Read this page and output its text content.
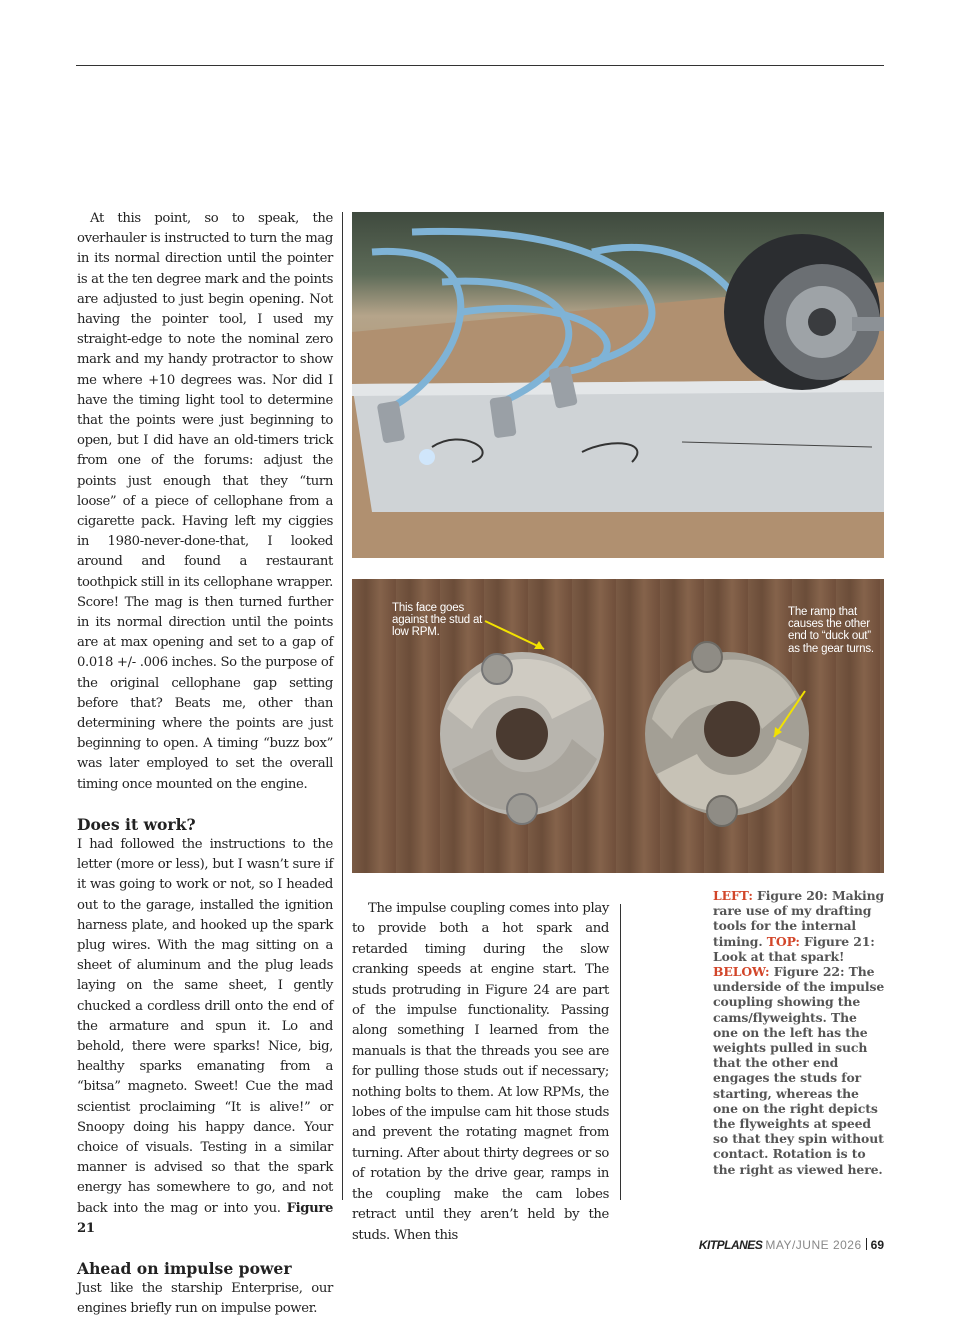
At this point, so to speak, the overhauler is instructed to turn the mag in its normal direction until the pointer is at the ten degree mark and the points are adjusted to just begin opening. Not having the pointer tool, I used my straight-edge to note the nominal zero mark and my handy protractor to show me where +10 degrees was. Nor did I have the timing light tool to determine that the points were just beginning to open, but I did have an old-timers trick from one of the forums: adjust the points just enough that they “turn loose” of a piece of cellophane from a cigarette pack. Having left my ciggies in 1980-never-done-that, I looked around and found a restaurant toothpick still in its cellophane wrapper. Score! The mag is then turned further in its normal direction until the points are at max opening and set to a gap of 0.018 +/- .006 inches. So the purpose of the original cellophane gap setting before that? Beats me, other than determining where the points are just beginning to open. A timing “buzz box” was later employed to set the overall timing once mounted on the engine.

Does it work?

I had followed the instructions to the letter (more or less), but I wasn’t sure if it was going to work or not, so I headed out to the garage, installed the ignition harness plate, and hooked up the spark plug wires. With the mag sitting on a sheet of aluminum and the plug leads laying on the same sheet, I gently chucked a cordless drill onto the end of the armature and spun it. Lo and behold, there were sparks! Nice, big, healthy sparks emanating from a “bitsa” magneto. Sweet! Cue the mad scientist proclaiming “It is alive!” or Snoopy doing his happy dance. Your choice of visuals. Testing in a similar manner is advised so that the spark energy has somewhere to go, and not back into the mag or into you. Figure 21

Ahead on impulse power

Just like the starship Enterprise, our engines briefly run on impulse power.

This face goes against the stud at low RPM.
The ramp that causes the other end to “duck out” as the gear turns.

The impulse coupling comes into play to provide both a hot spark and retarded timing during the slow cranking speeds at engine start. The studs protruding in Figure 24 are part of the impulse functionality. Passing along something I learned from the manuals is that the threads you see are for pulling those studs out if necessary; nothing bolts to them. At low RPMs, the lobes of the impulse cam hit those studs and prevent the rotating magnet from turning. After about thirty degrees or so of rotation by the drive gear, ramps in the coupling make the cam lobes retract until they aren’t held by the studs. When this

LEFT: Figure 20: Making rare use of my drafting tools for the internal timing. TOP: Figure 21: Look at that spark! BELOW: Figure 22: The underside of the impulse coupling showing the cams/flyweights. The one on the left has the weights pulled in such that the other end engages the studs for starting, whereas the one on the right depicts the flyweights at speed so that they spin without contact. Rotation is to the right as viewed here.
KITPLANES MAY/JUNE 2026 69
